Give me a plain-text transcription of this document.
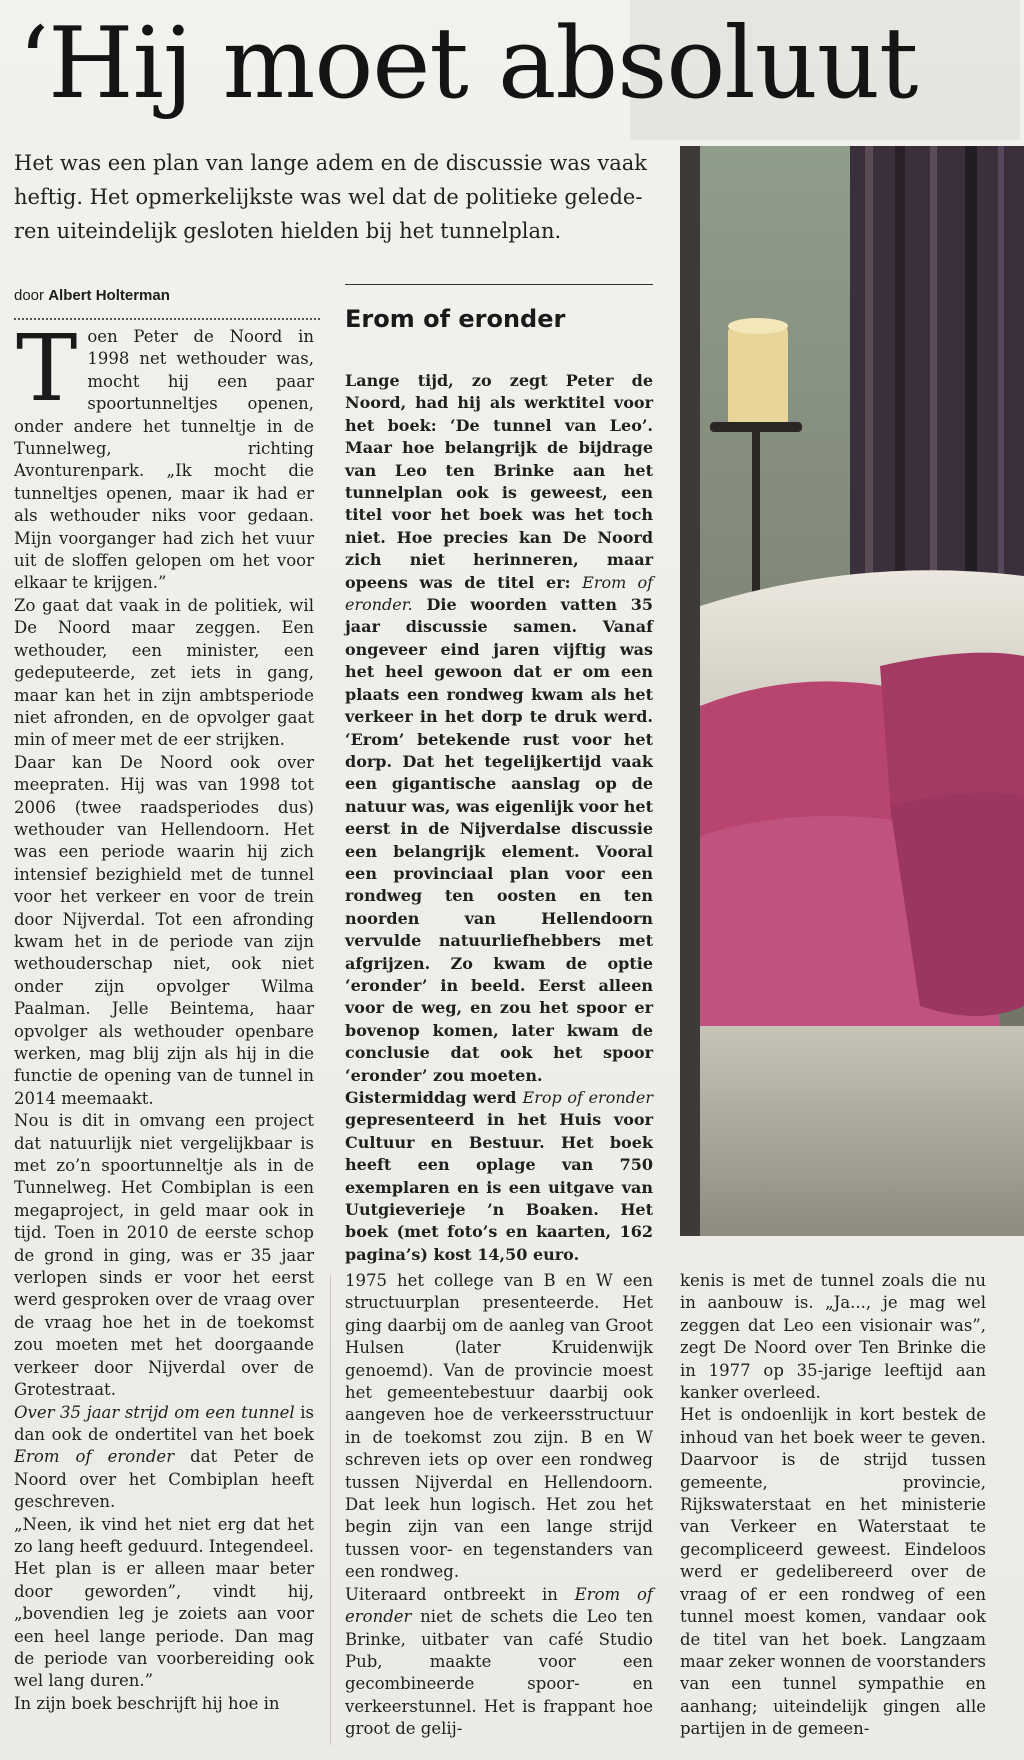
‘Hij moet absoluut

Het was een plan van lange adem en de discussie was vaak

heftig. Het opmerkelijkste was wel dat de politieke gelede-

ren uiteindelijk gesloten hielden bij het tunnelplan.

door Albert Holterman
Erom of eronder
T oen Peter de Noord in 1998 net wethouder was, mocht hij een paar spoortunneltjes openen, onder andere het tunneltje in de Tunnelweg, richting Avonturenpark. „Ik mocht die tunneltjes openen, maar ik had er als wethouder niks voor gedaan. Mijn voorganger had zich het vuur uit de sloffen gelopen om het voor elkaar te krijgen.”

Zo gaat dat vaak in de politiek, wil De Noord maar zeggen. Een wethouder, een minister, een gedeputeerde, zet iets in gang, maar kan het in zijn ambtsperiode niet afronden, en de opvolger gaat min of meer met de eer strijken.

Daar kan De Noord ook over meepraten. Hij was van 1998 tot 2006 (twee raadsperiodes dus) wethouder van Hellendoorn. Het was een periode waarin hij zich intensief bezighield met de tunnel voor het verkeer en voor de trein door Nijverdal. Tot een afronding kwam het in de periode van zijn wethouderschap niet, ook niet onder zijn opvolger Wilma Paalman. Jelle Beintema, haar opvolger als wethouder openbare werken, mag blij zijn als hij in die functie de opening van de tunnel in 2014 meemaakt.

Nou is dit in omvang een project dat natuurlijk niet vergelijkbaar is met zo’n spoortunneltje als in de Tunnelweg. Het Combiplan is een megaproject, in geld maar ook in tijd. Toen in 2010 de eerste schop de grond in ging, was er 35 jaar verlopen sinds er voor het eerst werd gesproken over de vraag over de vraag hoe het in de toekomst zou moeten met het doorgaande verkeer door Nijverdal over de Grotestraat.

Over 35 jaar strijd om een tunnel is dan ook de ondertitel van het boek Erom of eronder dat Peter de Noord over het Combiplan heeft geschreven.

„Neen, ik vind het niet erg dat het zo lang heeft geduurd. Integendeel. Het plan is er alleen maar beter door geworden”, vindt hij, „bovendien leg je zoiets aan voor een heel lange periode. Dan mag de periode van voorbereiding ook wel lang duren.”

In zijn boek beschrijft hij hoe in

Lange tijd, zo zegt Peter de Noord, had hij als werktitel voor het boek: ‘De tunnel van Leo’. Maar hoe belangrijk de bijdrage van Leo ten Brinke aan het tunnelplan ook is geweest, een titel voor het boek was het toch niet. Hoe precies kan De Noord zich niet herinneren, maar opeens was de titel er: Erom of eronder. Die woorden vatten 35 jaar discussie samen. Vanaf ongeveer eind jaren vijftig was het heel gewoon dat er om een plaats een rondweg kwam als het verkeer in het dorp te druk werd. ‘Erom’ betekende rust voor het dorp. Dat het tegelijkertijd vaak een gigantische aanslag op de natuur was, was eigenlijk voor het eerst in de Nijverdalse discussie een belangrijk element. Vooral een provinciaal plan voor een rondweg ten oosten en ten noorden van Hellendoorn vervulde natuurliefhebbers met afgrijzen. Zo kwam de optie ‘eronder’ in beeld. Eerst alleen voor de weg, en zou het spoor er bovenop komen, later kwam de conclusie dat ook het spoor ‘eronder’ zou moeten.

Gistermiddag werd Erop of eronder gepresenteerd in het Huis voor Cultuur en Bestuur. Het boek heeft een oplage van 750 exemplaren en is een uitgave van Uutgieverieje ’n Boaken. Het boek (met foto’s en kaarten, 162 pagina’s) kost 14,50 euro.

1975 het college van B en W een structuurplan presenteerde. Het ging daarbij om de aanleg van Groot Hulsen (later Kruidenwijk genoemd). Van de provincie moest het gemeentebestuur daarbij ook aangeven hoe de verkeersstructuur in de toekomst zou zijn. B en W schreven iets op over een rondweg tussen Nijverdal en Hellendoorn. Dat leek hun logisch. Het zou het begin zijn van een lange strijd tussen voor- en tegenstanders van een rondweg.

Uiteraard ontbreekt in Erom of eronder niet de schets die Leo ten Brinke, uitbater van café Studio Pub, maakte voor een gecombineerde spoor- en verkeerstunnel. Het is frappant hoe groot de gelij-

kenis is met de tunnel zoals die nu in aanbouw is. „Ja..., je mag wel zeggen dat Leo een visionair was”, zegt De Noord over Ten Brinke die in 1977 op 35-jarige leeftijd aan kanker overleed.

Het is ondoenlijk in kort bestek de inhoud van het boek weer te geven. Daarvoor is de strijd tussen gemeente, provincie, Rijkswaterstaat en het ministerie van Verkeer en Waterstaat te gecompliceerd geweest. Eindeloos werd er gedelibereerd over de vraag of er een rondweg of een tunnel moest komen, vandaar ook de titel van het boek. Langzaam maar zeker wonnen de voorstanders van een tunnel sympathie en aanhang; uiteindelijk gingen alle partijen in de gemeen-
